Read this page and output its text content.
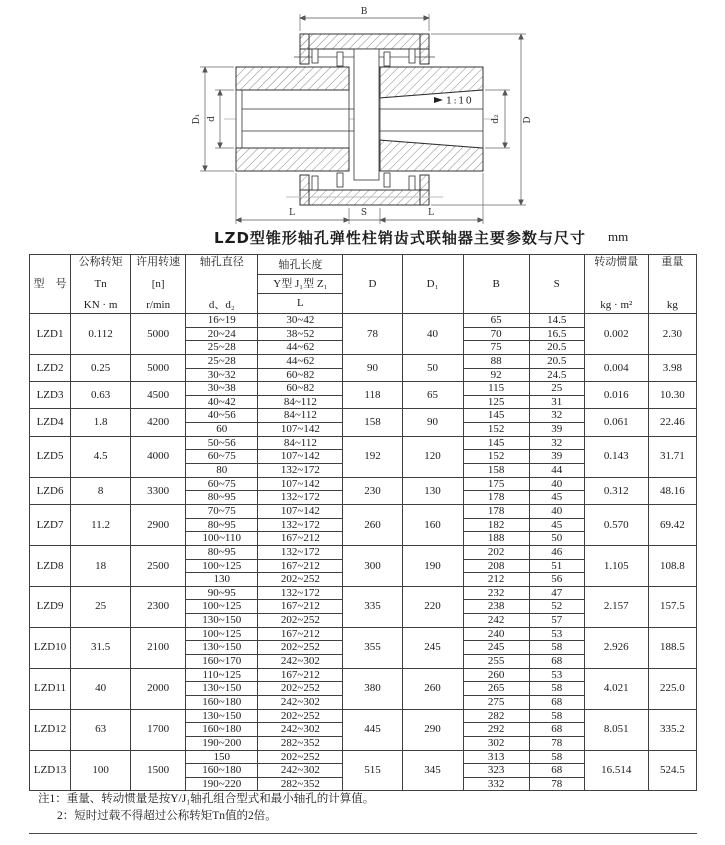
1:10
B
D
d₂
D₁ d
L	S	L
LZD型锥形轴孔弹性柱销齿式联轴器主要参数与尺寸	mm
型　号	
公称转矩
Tn
KN · m

许用转速
[n]
r/min

轴孔直径
d、d₂

轴孔长度
Y型 J₁型 Z₁
L
	D	D₁	B	S	
转动惯量
kg · m²

重量
kg

LZD1	0.112	5000	16~19	30~42	78	40	65	14.5	0.002	2.30
			20~24	38~52			70	16.5		
			25~28	44~62			75	20.5		
LZD2	0.25	5000	25~28	44~62	90	50	88	20.5	0.004	3.98
			30~32	60~82			92	24.5		
LZD3	0.63	4500	30~38	60~82	118	65	115	25	0.016	10.30
			40~42	84~112			125	31		
LZD4	1.8	4200	40~56	84~112	158	90	145	32	0.061	22.46
			60	107~142			152	39		
LZD5	4.5	4000	50~56	84~112	192	120	145	32	0.143	31.71
			60~75	107~142			152	39		
			80	132~172			158	44		
LZD6	8	3300	60~75	107~142	230	130	175	40	0.312	48.16
			80~95	132~172			178	45		
LZD7	11.2	2900	70~75	107~142	260	160	178	40	0.570	69.42
			80~95	132~172			182	45		
			100~110	167~212			188	50		
LZD8	18	2500	80~95	132~172	300	190	202	46	1.105	108.8
			100~125	167~212			208	51		
			130	202~252			212	56		
LZD9	25	2300	90~95	132~172	335	220	232	47	2.157	157.5
			100~125	167~212			238	52		
			130~150	202~252			242	57		
LZD10	31.5	2100	100~125	167~212	355	245	240	53	2.926	188.5
			130~150	202~252			245	58		
			160~170	242~302			255	68		
LZD11	40	2000	110~125	167~212	380	260	260	53	4.021	225.0
			130~150	202~252			265	58		
			160~180	242~302			275	68		
LZD12	63	1700	130~150	202~252	445	290	282	58	8.051	335.2
			160~180	242~302			292	68		
			190~200	282~352			302	78		
LZD13	100	1500	150	202~252	515	345	313	58	16.514	524.5
			160~180	242~302			323	68		
			190~220	282~352			332	78		
注1：重量、转动惯量是按Y/J₁轴孔组合型式和最小轴孔的计算值。
2：短时过载不得超过公称转矩Tn值的2倍。
